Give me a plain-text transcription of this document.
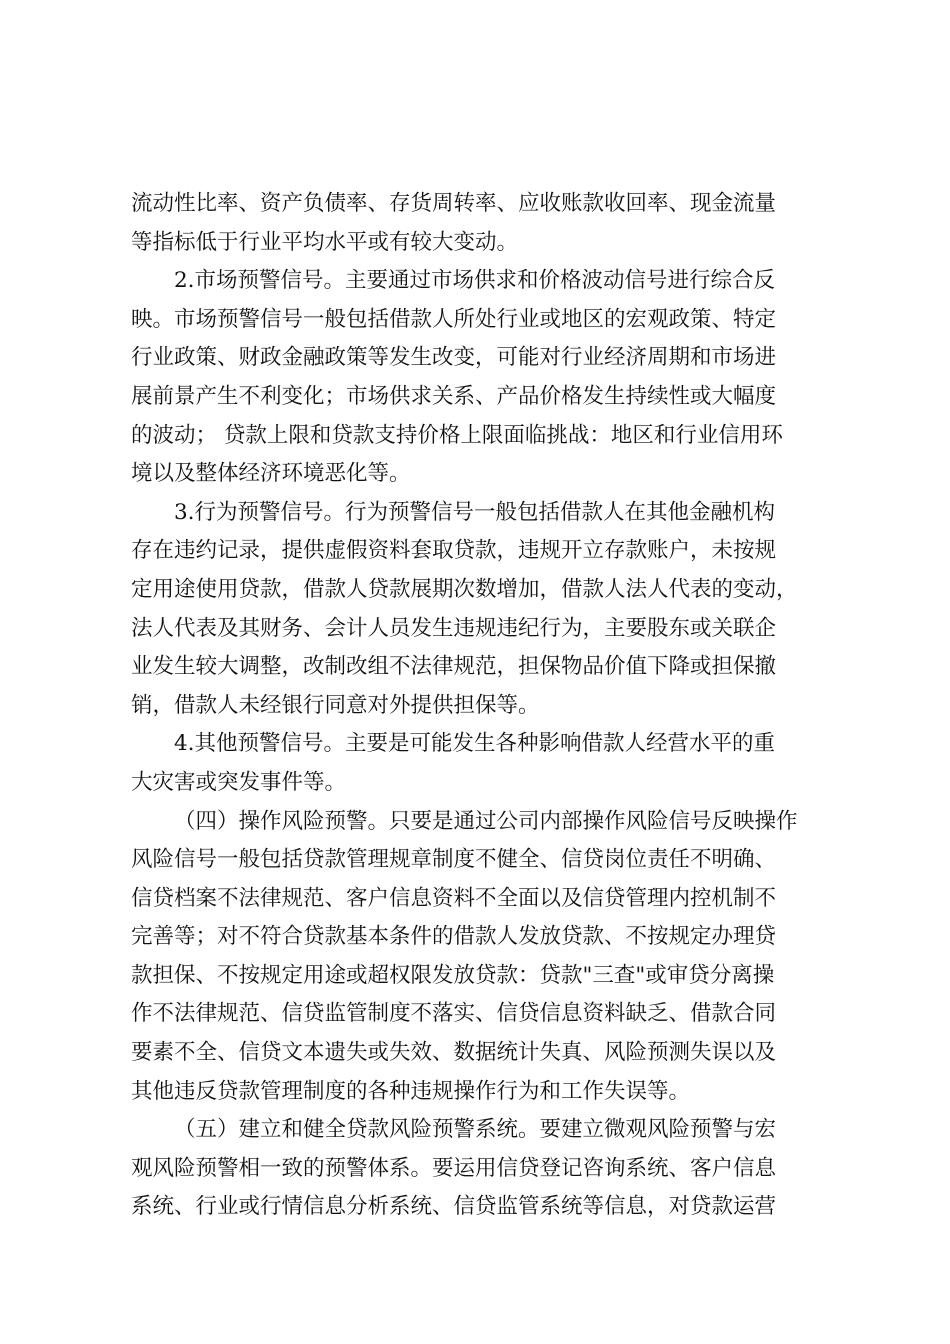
流动性比率、资产负债率、存货周转率、应收账款收回率、现金流量

等指标低于行业平均水平或有较大变动。

2.市场预警信号。主要通过市场供求和价格波动信号进行综合反

映。市场预警信号一般包括借款人所处行业或地区的宏观政策、特定

行业政策、财政金融政策等发生改变，可能对行业经济周期和市场进

展前景产生不利变化；市场供求关系、产品价格发生持续性或大幅度

的波动； 贷款上限和贷款支持价格上限面临挑战：地区和行业信用环

境以及整体经济环境恶化等。

3.行为预警信号。行为预警信号一般包括借款人在其他金融机构

存在违约记录，提供虚假资料套取贷款，违规开立存款账户，未按规

定用途使用贷款，借款人贷款展期次数增加，借款人法人代表的变动，

法人代表及其财务、会计人员发生违规违纪行为，主要股东或关联企

业发生较大调整，改制改组不法律规范，担保物品价值下降或担保撤

销，借款人未经银行同意对外提供担保等。

4.其他预警信号。主要是可能发生各种影响借款人经营水平的重

大灾害或突发事件等。

（四）操作风险预警。只要是通过公司内部操作风险信号反映操作

风险信号一般包括贷款管理规章制度不健全、信贷岗位责任不明确、

信贷档案不法律规范、客户信息资料不全面以及信贷管理内控机制不

完善等；对不符合贷款基本条件的借款人发放贷款、不按规定办理贷

款担保、不按规定用途或超权限发放贷款：贷款"三查"或审贷分离操

作不法律规范、信贷监管制度不落实、信贷信息资料缺乏、借款合同

要素不全、信贷文本遗失或失效、数据统计失真、风险预测失误以及

其他违反贷款管理制度的各种违规操作行为和工作失误等。

（五）建立和健全贷款风险预警系统。要建立微观风险预警与宏

观风险预警相一致的预警体系。要运用信贷登记咨询系统、客户信息

系统、行业或行情信息分析系统、信贷监管系统等信息，对贷款运营
